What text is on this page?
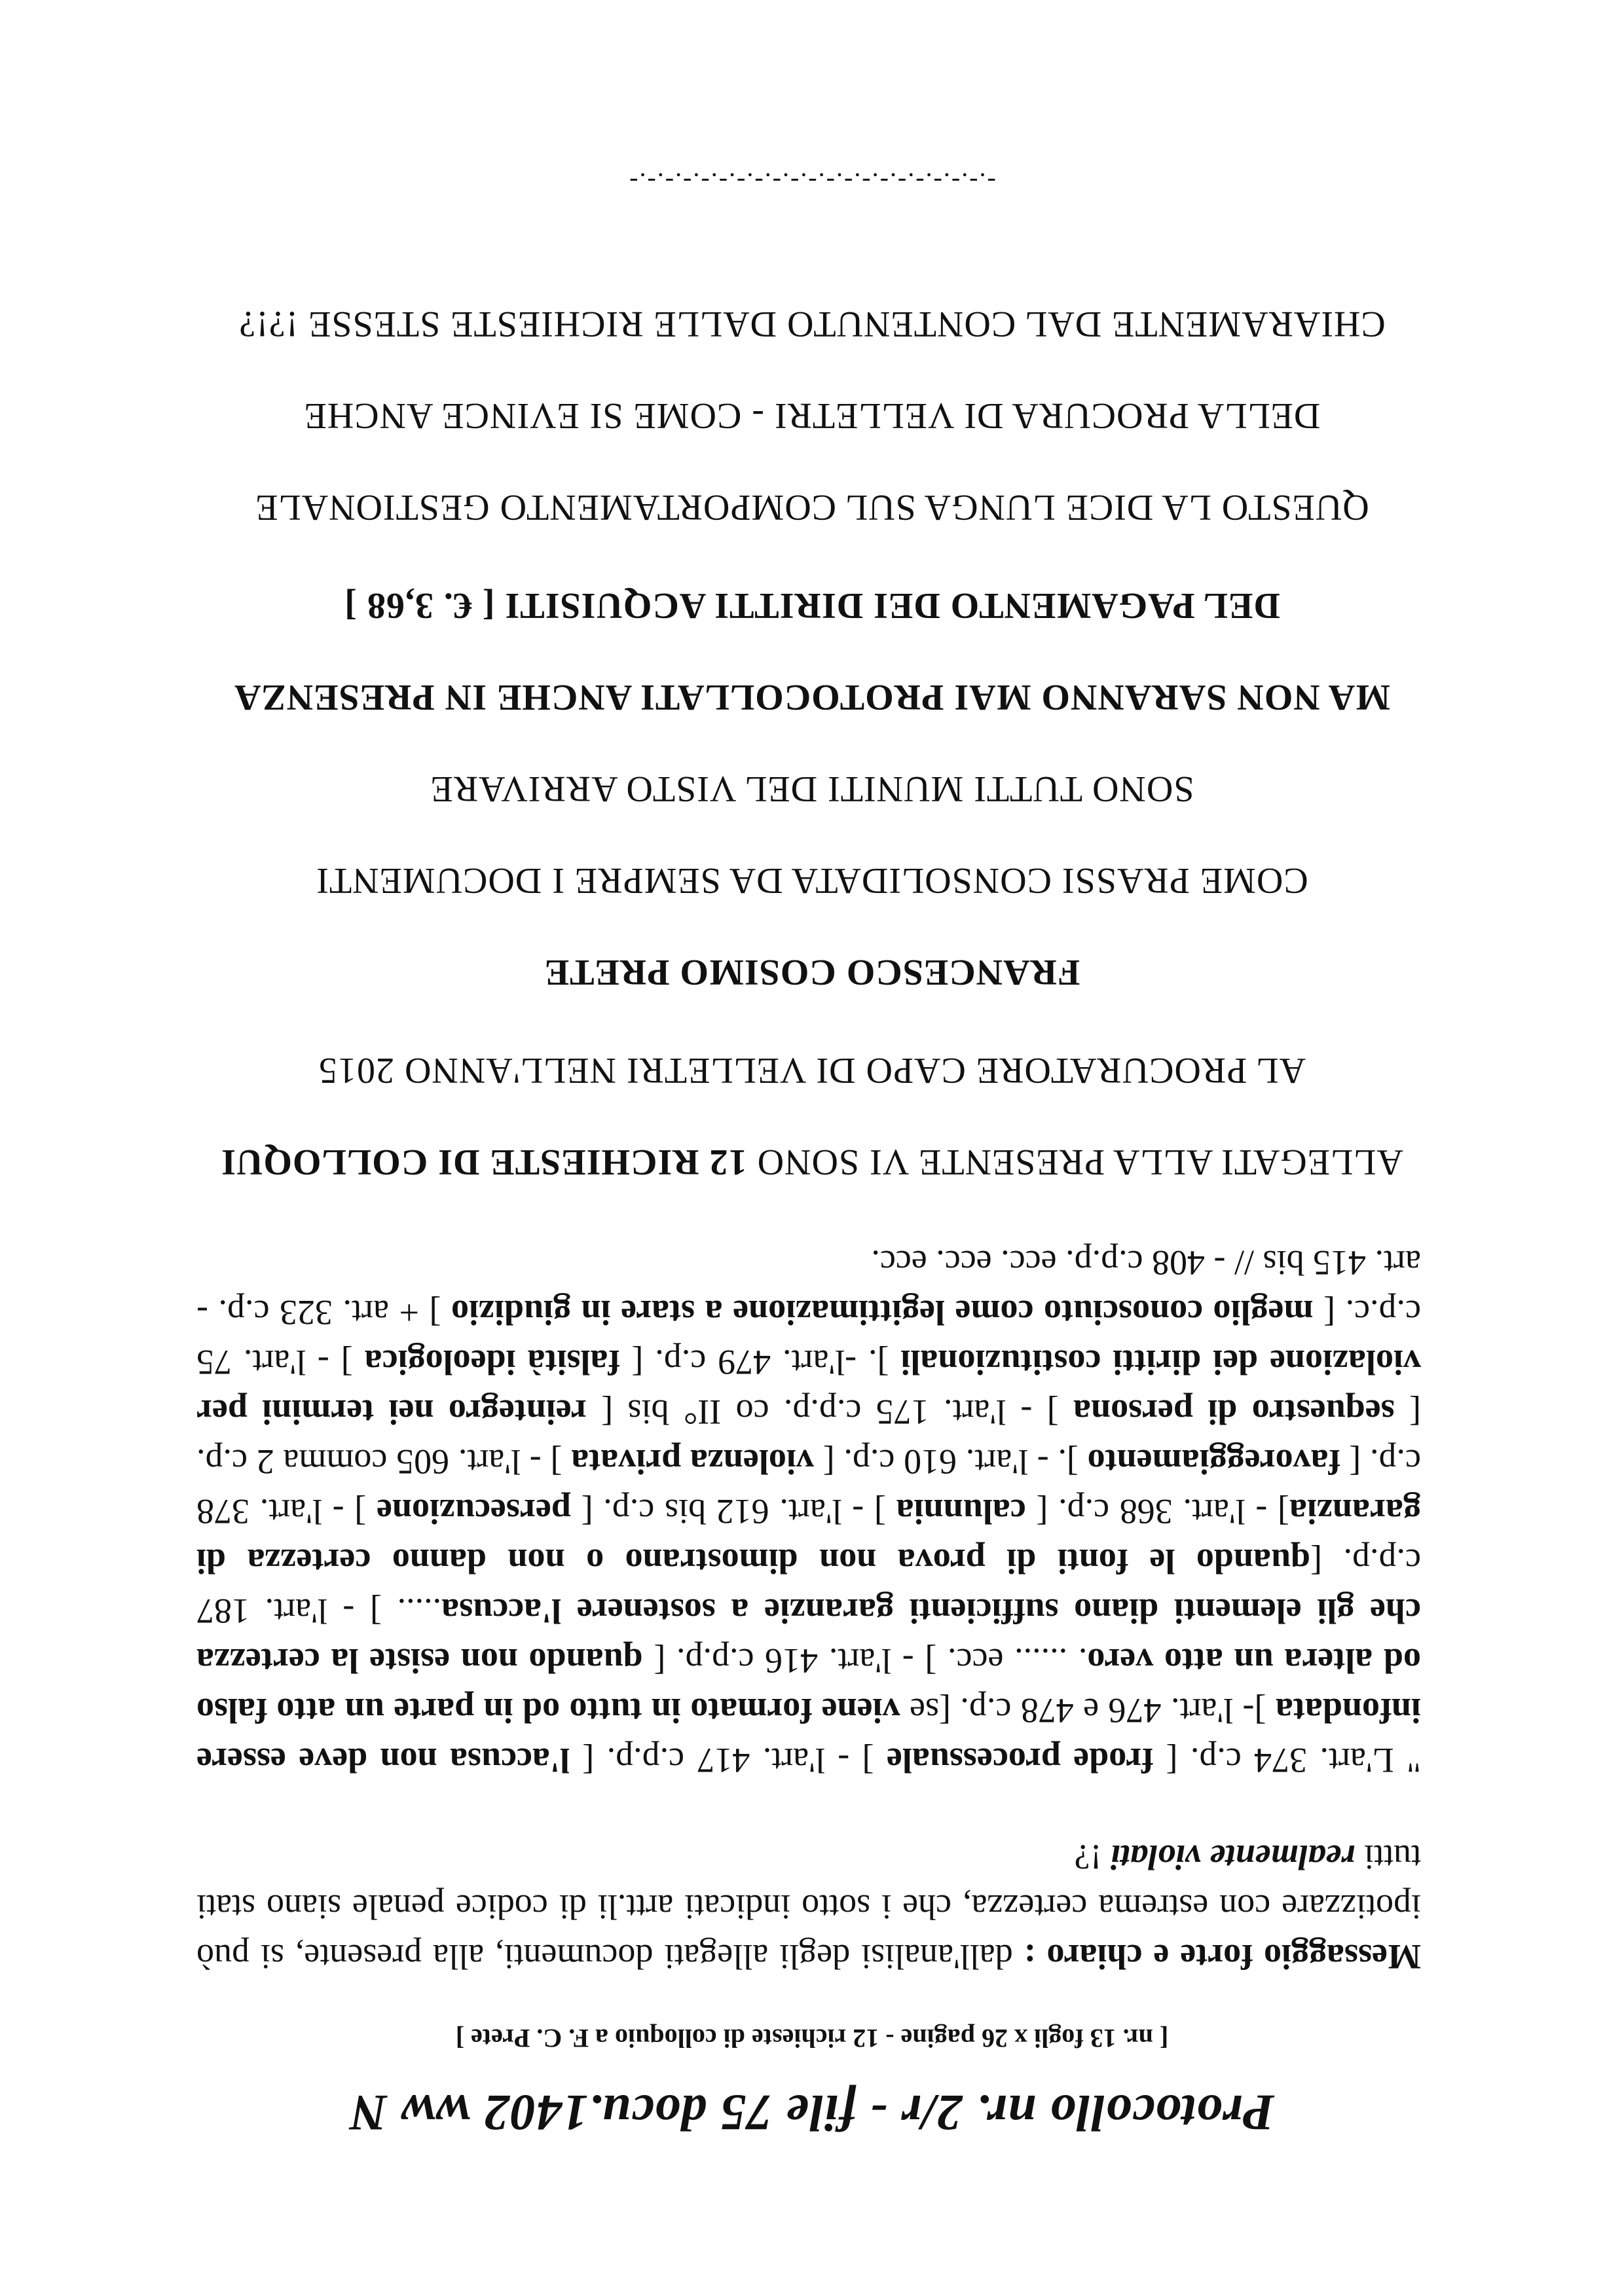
Protocollo nr. 2/r - file 75 docu.1402 ww N
[ nr. 13 fogli x 26 pagine - 12 richieste di colloquio a F. C. Prete ]
Messaggio forte e chiaro : dall'analisi degli allegati documenti, alla presente, si può ipotizzare con estrema certezza, che i sotto indicati artt.li di codice penale siano stati tutti realmente violati !?
" L'art. 374 c.p. [ frode processuale ] - l'art. 417 c.p.p. [ l'accusa non deve essere infondata ]- l'art. 476 e 478 c.p. [se viene formato in tutto od in parte un atto falso od altera un atto vero. ...... ecc. ] - l'art. 416 c.p.p. [ quando non esiste la certezza che gli elementi diano sufficienti garanzie a sostenere l'accusa..... ] - l'art. 187 c.p.p. [quando le fonti di prova non dimostrano o non danno certezza di garanzia] - l'art. 368 c.p. [ calunnia ] - l'art. 612 bis c.p. [ persecuzione ] - l'art. 378 c.p. [ favoreggiamento ]. - l'art. 610 c.p. [ violenza privata ] - l'art. 605 comma 2 c.p. [ sequestro di persona ] - l'art. 175 c.p.p. co II° bis [ reintegro nei termini per violazione dei diritti costituzionali ]. -l'art. 479 c.p. [ falsità ideologica ] - l'art. 75 c.p.c. [ meglio conosciuto come legittimazione a stare in giudizio ] + art. 323 c.p. - art. 415 bis // - 408 c.p.p. ecc. ecc. ecc.
ALLEGATI ALLA PRESENTE VI SONO 12 RICHIESTE DI COLLOQUI
AL PROCURATORE CAPO DI VELLETRI NELL'ANNO 2015
FRANCESCO COSIMO PRETE
COME PRASSI CONSOLIDATA DA SEMPRE I DOCUMENTI
SONO TUTTI MUNITI DEL VISTO ARRIVARE
MA NON SARANNO MAI PROTOCOLLATI ANCHE IN PRESENZA
DEL PAGAMENTO DEI DIRITTI ACQUISITI [ €. 3,68 ]
QUESTO LA DICE LUNGA SUL COMPORTAMENTO GESTIONALE
DELLA PROCURA DI VELLETRI - COME SI EVINCE ANCHE
CHIARAMENTE DAL CONTENUTO DALLE RICHIESTE STESSE !?!?
-.-.-.-.-.-.-.-.-.-.-.-.-.-.-.-.-.-.-.-.-
